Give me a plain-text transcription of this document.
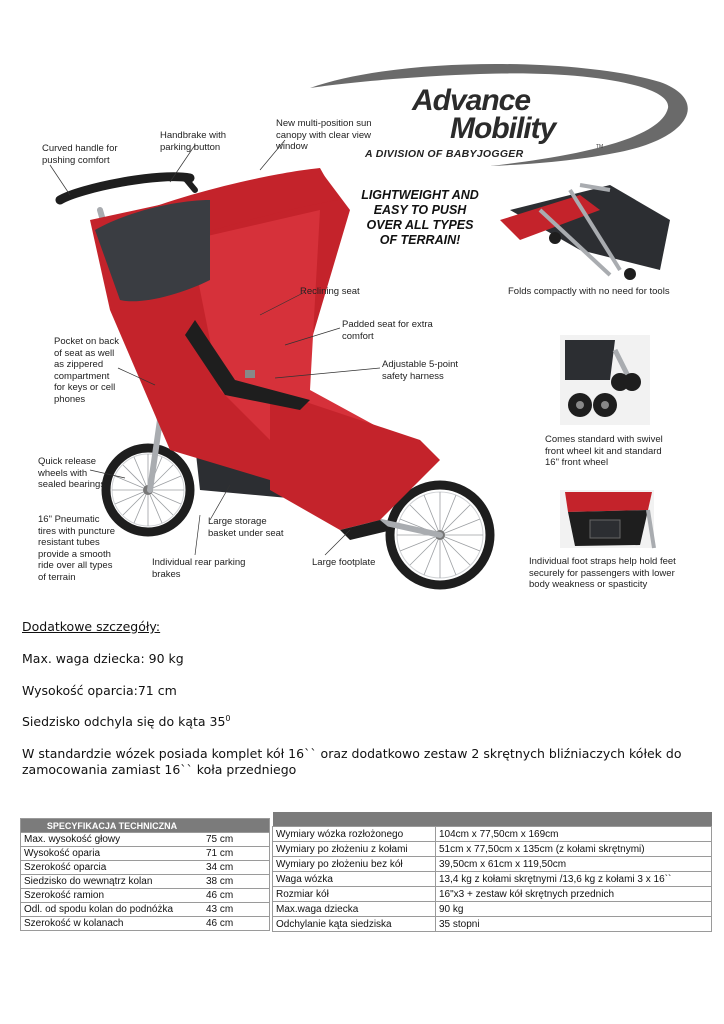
Advance
Mobility
TM
A DIVISION OF BABYJOGGER
LIGHTWEIGHT AND
EASY TO PUSH
OVER ALL TYPES
OF TERRAIN!
Curved handle for
pushing comfort
Handbrake with
parking button
New multi-position sun
canopy with clear view
window
Reclining seat
Padded seat for extra
comfort
Adjustable 5-point
safety harness
Pocket on back
of seat as well
as zippered
compartment
for keys or cell
phones
Quick release
wheels with
sealed bearings
16" Pneumatic
tires with puncture
resistant tubes
provide a smooth
ride over all types
of terrain
Large storage
basket under seat
Individual rear parking
brakes
Large footplate
Folds compactly with no need for tools
Comes standard with swivel
front wheel kit and standard
16" front wheel
Individual foot straps help hold feet
securely for passengers with lower
body weakness or spasticity
Dodatkowe szczegóły:
Max. waga dziecka: 90 kg
Wysokość oparcia:71 cm
Siedzisko odchyla się do kąta $35^0$
W standardzie wózek posiada komplet kół 16`` oraz dodatkowo zestaw 2 skrętnych bliźniaczych kółek do
zamocowania zamiast 16`` koła przedniego
SPECYFIKACJA TECHNICZNA	
Max. wysokość głowy	75 cm
Wysokość oparia	71 cm
Szerokość oparcia	34 cm
Siedzisko do wewnątrz kolan	38 cm
Szerokość ramion	46 cm
Odl. od spodu kolan do podnóżka	43 cm
Szerokość w kolanach	46 cm

Wymiary wózka rozłożonego	104cm x 77,50cm x 169cm
Wymiary po złożeniu z kołami	51cm x 77,50cm x 135cm (z kołami skrętnymi)
Wymiary po złożeniu bez kół	39,50cm x 61cm x 119,50cm
Waga wózka	13,4 kg z kołami skrętnymi /13,6 kg z kołami 3 x 16``
Rozmiar kół	16"x3 + zestaw kół skrętnych przednich
Max.waga dziecka	90 kg
Odchylanie kąta siedziska	35 stopni
